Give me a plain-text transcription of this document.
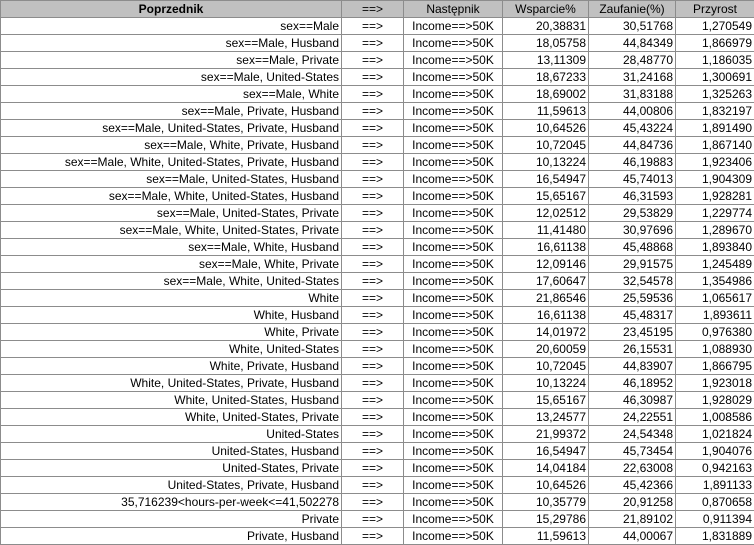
Poprzednik	==>	Następnik	Wsparcie%	Zaufanie(%)	Przyrost
sex==Male	==>	Income==>50K	20,38831	30,51768	1,270549
sex==Male, Husband	==>	Income==>50K	18,05758	44,84349	1,866979
sex==Male, Private	==>	Income==>50K	13,11309	28,48770	1,186035
sex==Male, United-States	==>	Income==>50K	18,67233	31,24168	1,300691
sex==Male, White	==>	Income==>50K	18,69002	31,83188	1,325263
sex==Male, Private, Husband	==>	Income==>50K	11,59613	44,00806	1,832197
sex==Male, United-States, Private, Husband	==>	Income==>50K	10,64526	45,43224	1,891490
sex==Male, White, Private, Husband	==>	Income==>50K	10,72045	44,84736	1,867140
sex==Male, White, United-States, Private, Husband	==>	Income==>50K	10,13224	46,19883	1,923406
sex==Male, United-States, Husband	==>	Income==>50K	16,54947	45,74013	1,904309
sex==Male, White, United-States, Husband	==>	Income==>50K	15,65167	46,31593	1,928281
sex==Male, United-States, Private	==>	Income==>50K	12,02512	29,53829	1,229774
sex==Male, White, United-States, Private	==>	Income==>50K	11,41480	30,97696	1,289670
sex==Male, White, Husband	==>	Income==>50K	16,61138	45,48868	1,893840
sex==Male, White, Private	==>	Income==>50K	12,09146	29,91575	1,245489
sex==Male, White, United-States	==>	Income==>50K	17,60647	32,54578	1,354986
White	==>	Income==>50K	21,86546	25,59536	1,065617
White, Husband	==>	Income==>50K	16,61138	45,48317	1,893611
White, Private	==>	Income==>50K	14,01972	23,45195	0,976380
White, United-States	==>	Income==>50K	20,60059	26,15531	1,088930
White, Private, Husband	==>	Income==>50K	10,72045	44,83907	1,866795
White, United-States, Private, Husband	==>	Income==>50K	10,13224	46,18952	1,923018
White, United-States, Husband	==>	Income==>50K	15,65167	46,30987	1,928029
White, United-States, Private	==>	Income==>50K	13,24577	24,22551	1,008586
United-States	==>	Income==>50K	21,99372	24,54348	1,021824
United-States, Husband	==>	Income==>50K	16,54947	45,73454	1,904076
United-States, Private	==>	Income==>50K	14,04184	22,63008	0,942163
United-States, Private, Husband	==>	Income==>50K	10,64526	45,42366	1,891133
35,716239<hours-per-week<=41,502278	==>	Income==>50K	10,35779	20,91258	0,870658
Private	==>	Income==>50K	15,29786	21,89102	0,911394
Private, Husband	==>	Income==>50K	11,59613	44,00067	1,831889
